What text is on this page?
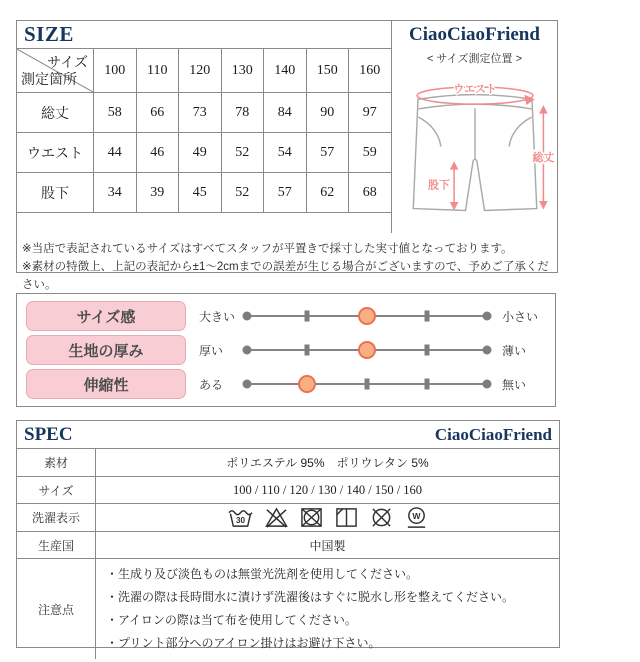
SIZE
サイズ
測定箇所	100	110	120	130	140	150	160
総丈	58	66	73	78	84	90	97
ウエスト	44	46	49	52	54	57	59
股下	34	39	45	52	57	62	68
CiaoCiaoFriend
< サイズ測定位置 >
ウエスト
総丈
股下
※当店で表記されているサイズはすべてスタッフが平置きで採寸した実寸値となっております。
※素材の特徴上、上記の表記から±1～2cmまでの誤差が生じる場合がございますので、予めご了承ください。
サイズ感	大きい	小さい
生地の厚み	厚い	薄い
伸縮性	ある	無い
SPEC	CiaoCiaoFriend
素材	ポリエステル 95%　ポリウレタン 5%
サイズ	100 / 110 / 120 / 130 / 140 / 150 / 160
洗濯表示	30	W
生産国	中国製
注意点
・生成り及び淡色ものは無蛍光洗剤を使用してください。
・洗濯の際は長時間水に漬けず洗濯後はすぐに脱水し形を整えてください。
・アイロンの際は当て布を使用してください。
・プリント部分へのアイロン掛けはお避け下さい。
